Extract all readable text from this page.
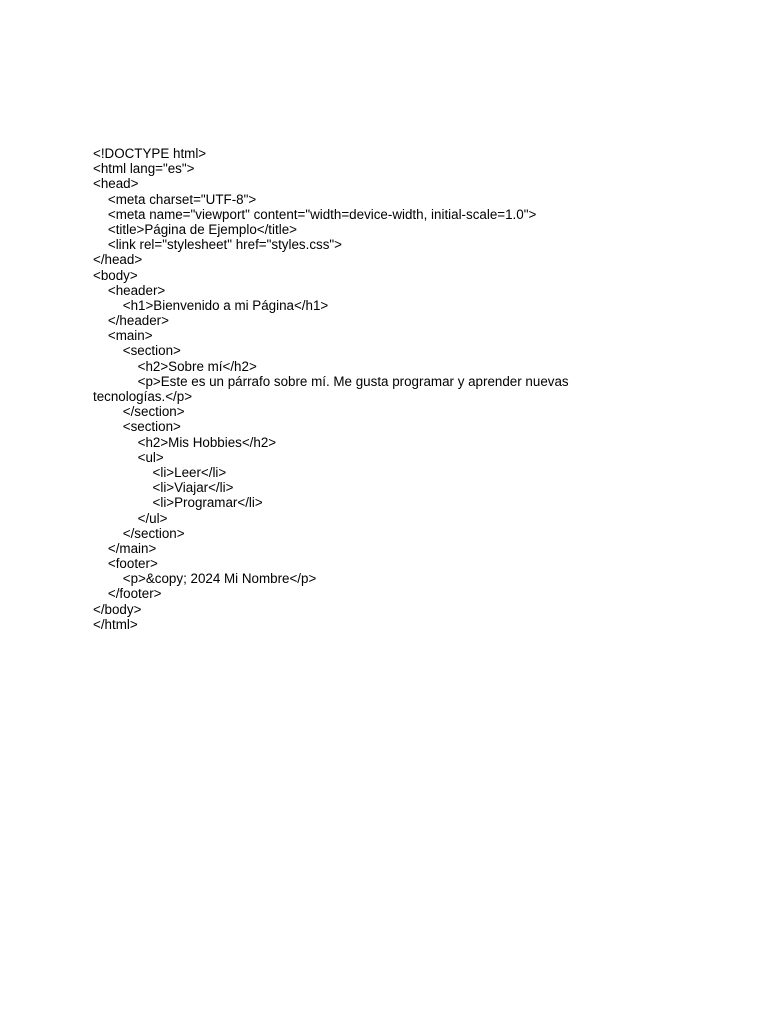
<!DOCTYPE html>
<html lang="es">
<head>
<meta charset="UTF-8">
<meta name="viewport" content="width=device-width, initial-scale=1.0">
<title>Página de Ejemplo</title>
<link rel="stylesheet" href="styles.css">
</head>
<body>
<header>
<h1>Bienvenido a mi Página</h1>
</header>
<main>
<section>
<h2>Sobre mí</h2>
<p>Este es un párrafo sobre mí. Me gusta programar y aprender nuevas
tecnologías.</p>
</section>
<section>
<h2>Mis Hobbies</h2>
<ul>
<li>Leer</li>
<li>Viajar</li>
<li>Programar</li>
</ul>
</section>
</main>
<footer>
<p>&copy; 2024 Mi Nombre</p>
</footer>
</body>
</html>
